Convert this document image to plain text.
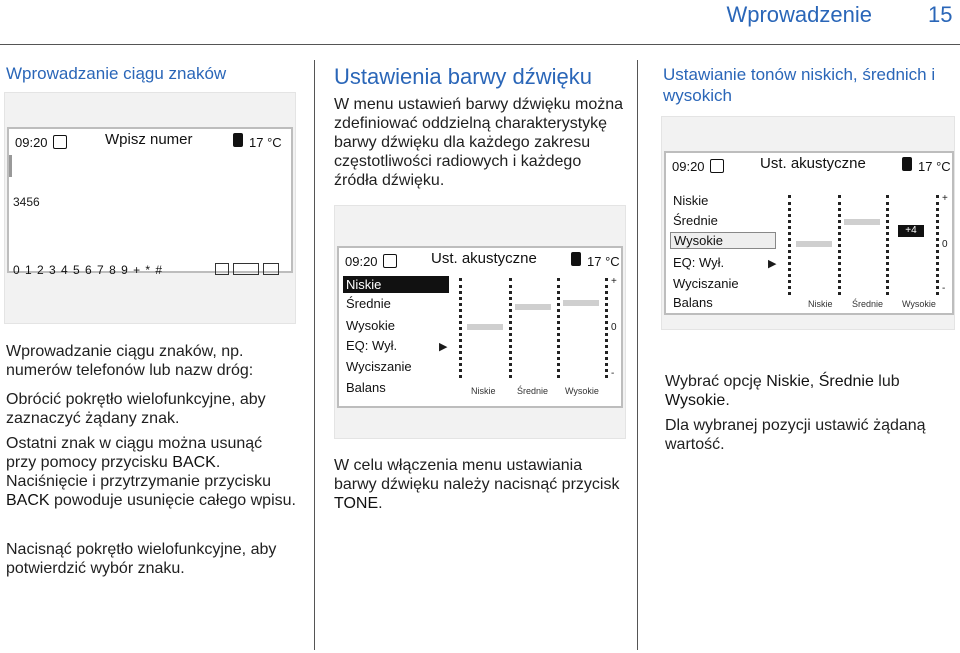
Wprowadzenie	15
Wprowadzanie ciągu znaków
09:20	Wpisz numer	17 °C
3456
0 1 2 3 4 5 6 7 8 9 + * #
Wprowadzanie ciągu znaków, np. numerów telefonów lub nazw dróg:
Obrócić pokrętło wielofunkcyjne, aby zaznaczyć żądany znak.
Ostatni znak w ciągu można usunąć przy pomocy przycisku BACK.
Naciśnięcie i przytrzymanie przycisku BACK powoduje usunięcie całego wpisu.
Nacisnąć pokrętło wielofunkcyjne, aby potwierdzić wybór znaku.
Ustawienia barwy dźwięku
W menu ustawień barwy dźwięku można zdefiniować oddzielną charakterystykę barwy dźwięku dla każdego zakresu częstotliwości radiowych i każdego źródła dźwięku.
09:20	Ust. akustyczne	17 °C
Niskie
Średnie
Wysokie
EQ: Wył.	▶
Wyciszanie
Balans
+
0
-
Niskie Średnie Wysokie
W celu włączenia menu ustawiania barwy dźwięku należy nacisnąć przycisk TONE.
Ustawianie tonów niskich, średnich i wysokich
09:20	Ust. akustyczne	17 °C
Niskie
Średnie
Wysokie
EQ: Wył.	▶
Wyciszanie
Balans
+4
+
0
-
Niskie Średnie Wysokie
Wybrać opcję Niskie, Średnie lub Wysokie.
Dla wybranej pozycji ustawić żądaną wartość.
